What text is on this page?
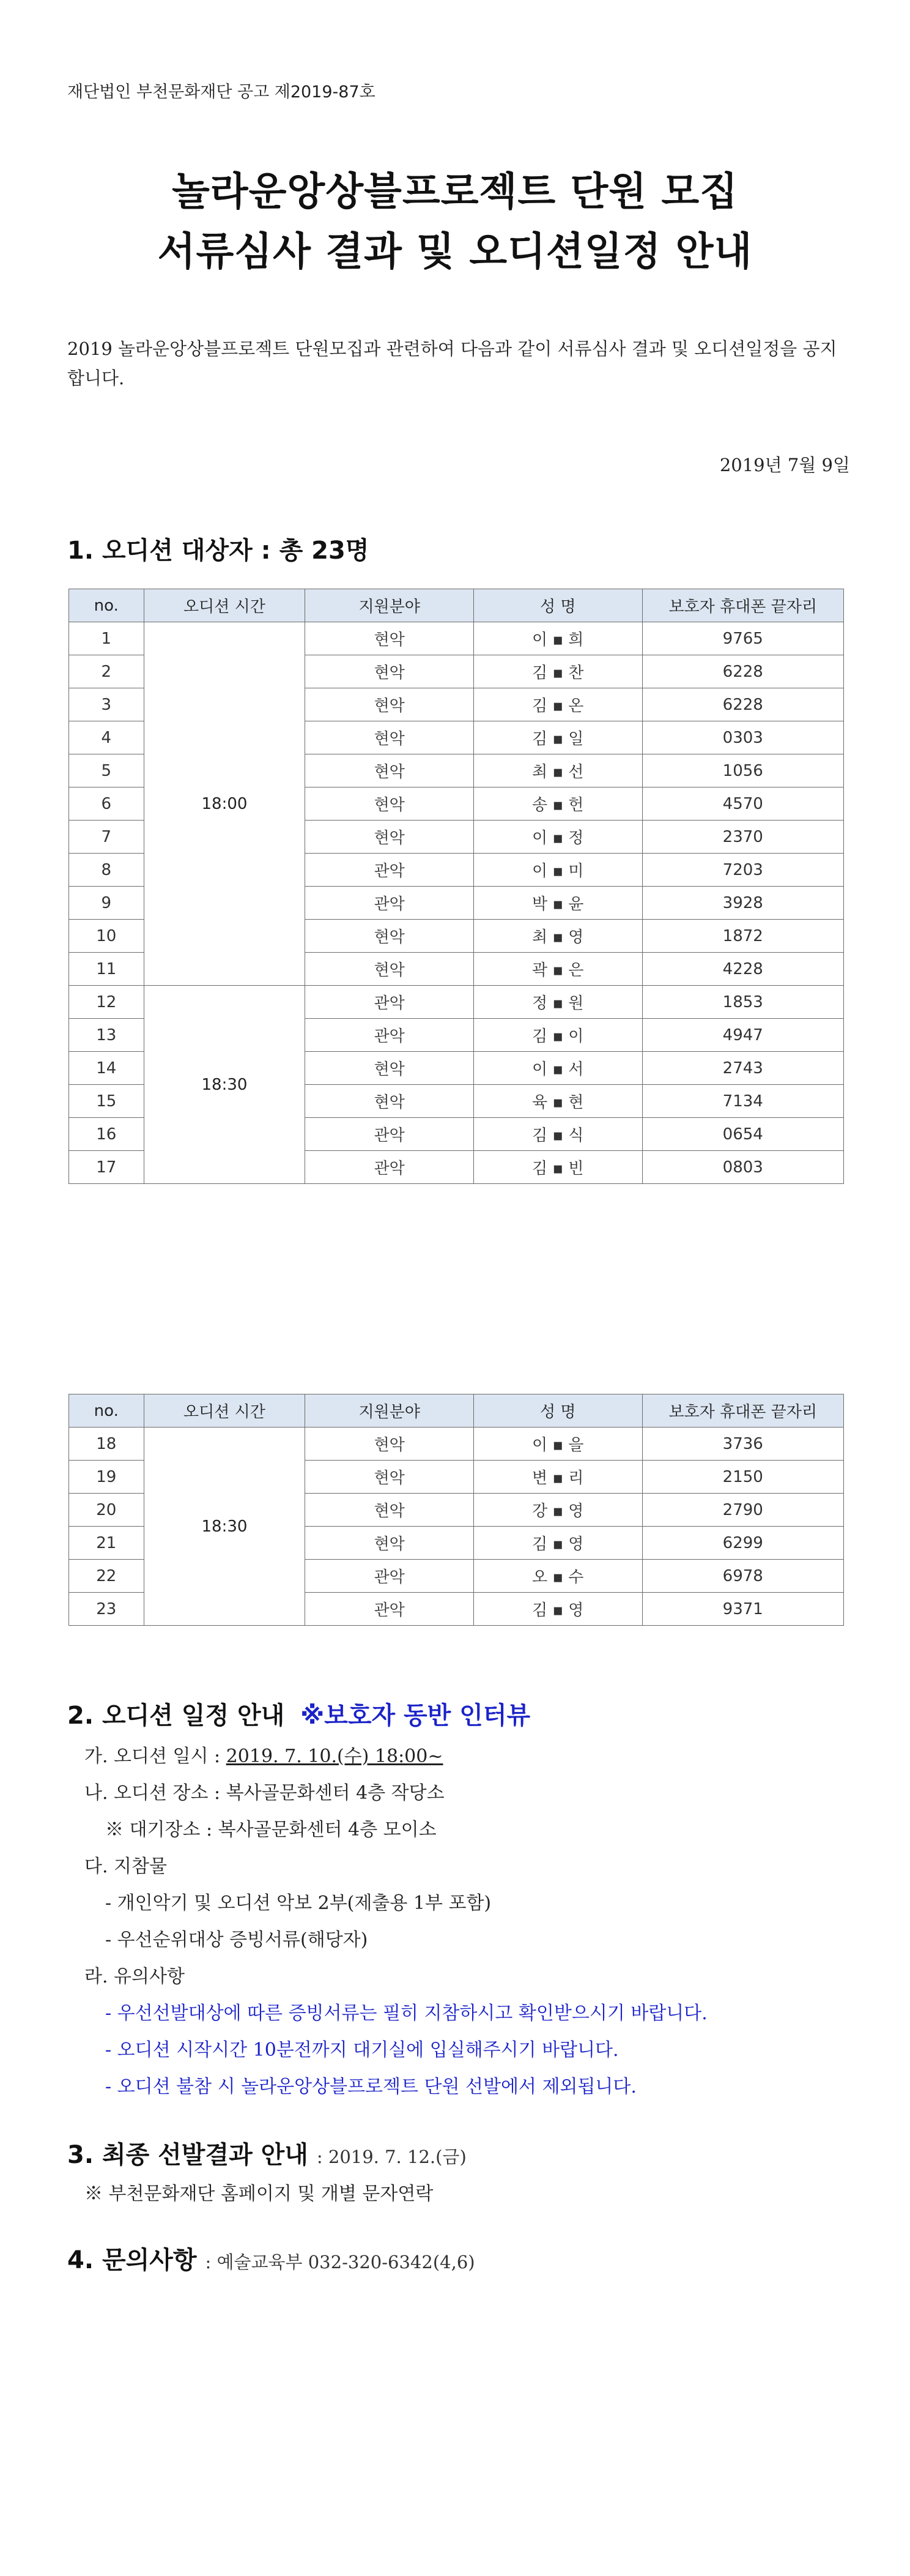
재단법인 부천문화재단 공고 제2019-87호
놀라운앙상블프로젝트 단원 모집
서류심사 결과 및 오디션일정 안내
2019 놀라운앙상블프로젝트 단원모집과 관련하여 다음과 같이 서류심사 결과 및 오디션일정을 공지합니다.
2019년 7월 9일
1. 오디션 대상자 : 총 23명
no.	오디션 시간	지원분야	성 명	보호자 휴대폰 끝자리
1	18:00	현악	이 ▪ 희	9765
2		현악	김 ▪ 찬	6228
3		현악	김 ▪ 온	6228
4		현악	김 ▪ 일	0303
5		현악	최 ▪ 선	1056
6		현악	송 ▪ 헌	4570
7		현악	이 ▪ 정	2370
8		관악	이 ▪ 미	7203
9		관악	박 ▪ 윤	3928
10		현악	최 ▪ 영	1872
11		현악	곽 ▪ 은	4228
12	18:30	관악	정 ▪ 원	1853
13		관악	김 ▪ 이	4947
14		현악	이 ▪ 서	2743
15		현악	육 ▪ 현	7134
16		관악	김 ▪ 식	0654
17		관악	김 ▪ 빈	0803
no.	오디션 시간	지원분야	성 명	보호자 휴대폰 끝자리
18	18:30	현악	이 ▪ 을	3736
19		현악	변 ▪ 리	2150
20		현악	강 ▪ 영	2790
21		현악	김 ▪ 영	6299
22		관악	오 ▪ 수	6978
23		관악	김 ▪ 영	9371
2. 오디션 일정 안내 ※보호자 동반 인터뷰
가. 오디션 일시 : 2019. 7. 10.(수) 18:00~
나. 오디션 장소 : 복사골문화센터 4층 작당소
※ 대기장소 : 복사골문화센터 4층 모이소
다. 지참물
- 개인악기 및 오디션 악보 2부(제출용 1부 포함)
- 우선순위대상 증빙서류(해당자)
라. 유의사항
- 우선선발대상에 따른 증빙서류는 필히 지참하시고 확인받으시기 바랍니다.
- 오디션 시작시간 10분전까지 대기실에 입실해주시기 바랍니다.
- 오디션 불참 시 놀라운앙상블프로젝트 단원 선발에서 제외됩니다.
3. 최종 선발결과 안내 : 2019. 7. 12.(금)
※ 부천문화재단 홈페이지 및 개별 문자연락
4. 문의사항 : 예술교육부 032-320-6342(4,6)
